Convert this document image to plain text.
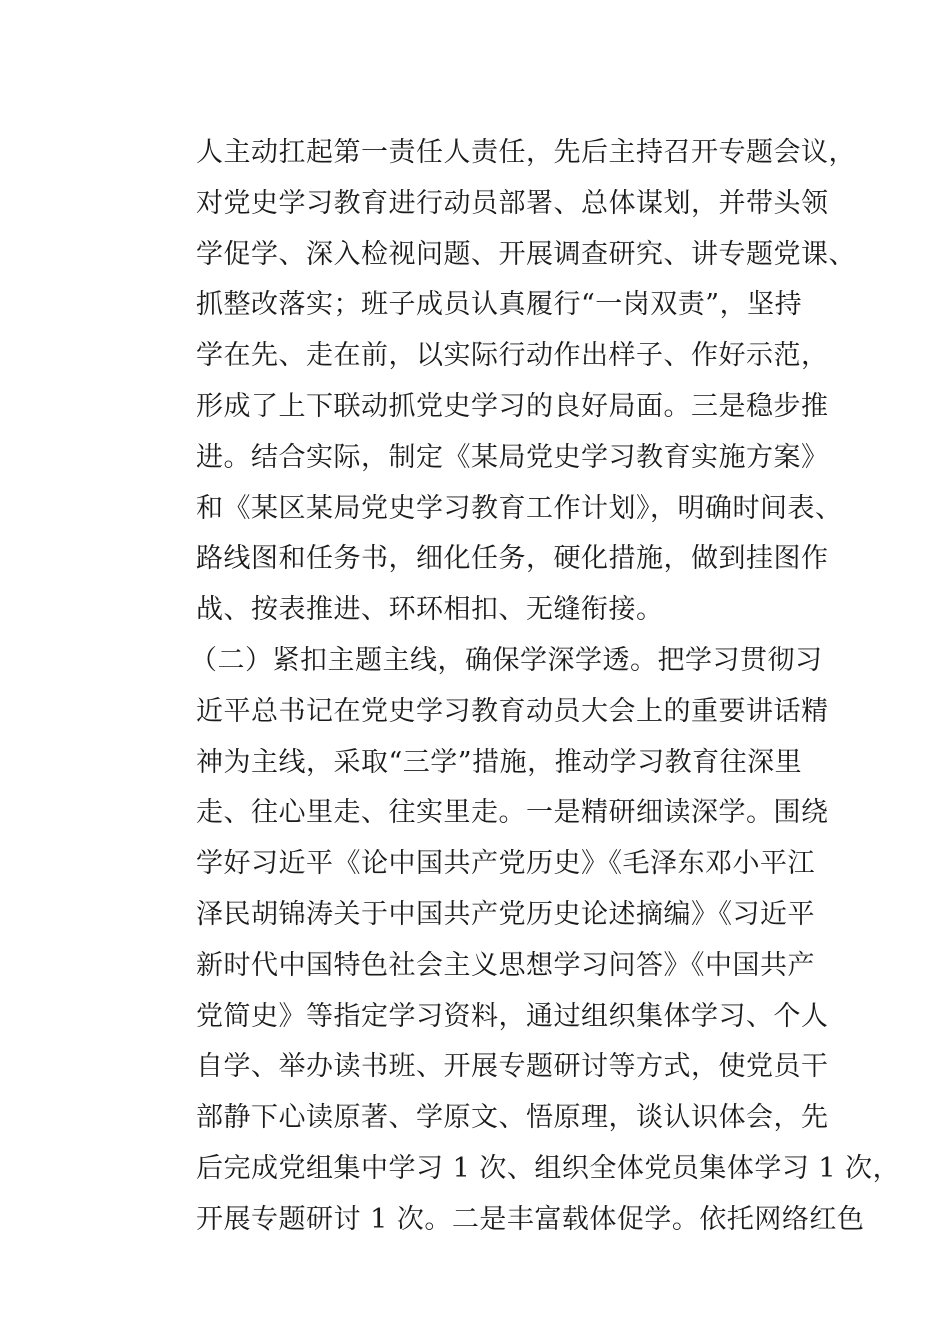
人主动扛起第一责任人责任，先后主持召开专题会议，
对党史学习教育进行动员部署、总体谋划，并带头领
学促学、深入检视问题、开展调查研究、讲专题党课、
抓整改落实；班子成员认真履行“一岗双责”，坚持
学在先、走在前，以实际行动作出样子、作好示范，
形成了上下联动抓党史学习的良好局面。三是稳步推
进。结合实际，制定《某局党史学习教育实施方案》
和《某区某局党史学习教育工作计划》，明确时间表、
路线图和任务书，细化任务，硬化措施，做到挂图作
战、按表推进、环环相扣、无缝衔接。
（二）紧扣主题主线，确保学深学透。把学习贯彻习
近平总书记在党史学习教育动员大会上的重要讲话精
神为主线，采取“三学”措施，推动学习教育往深里
走、往心里走、往实里走。一是精研细读深学。围绕
学好习近平《论中国共产党历史》《毛泽东邓小平江
泽民胡锦涛关于中国共产党历史论述摘编》《习近平
新时代中国特色社会主义思想学习问答》《中国共产
党简史》等指定学习资料，通过组织集体学习、个人
自学、举办读书班、开展专题研讨等方式，使党员干
部静下心读原著、学原文、悟原理，谈认识体会，先
后完成党组集中学习 1 次、组织全体党员集体学习 1 次，
开展专题研讨 1 次。二是丰富载体促学。依托网络红色
